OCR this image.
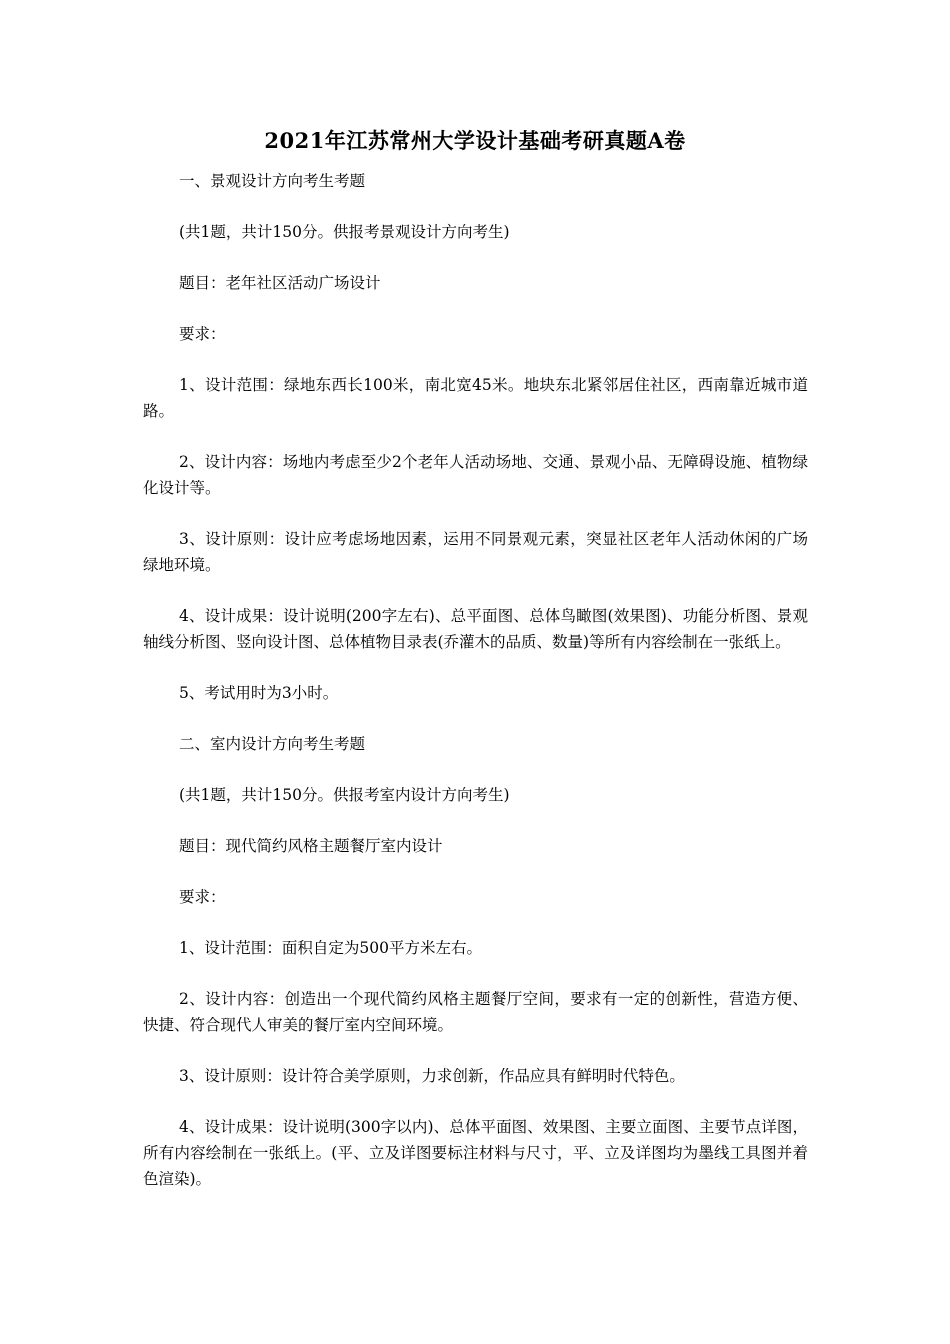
2021年江苏常州大学设计基础考研真题A卷

一、景观设计方向考生考题

(共1题，共计150分。供报考景观设计方向考生)

题目：老年社区活动广场设计

要求：

1、设计范围：绿地东西长100米，南北宽45米。地块东北紧邻居住社区，西南靠近城市道路。

2、设计内容：场地内考虑至少2个老年人活动场地、交通、景观小品、无障碍设施、植物绿化设计等。

3、设计原则：设计应考虑场地因素，运用不同景观元素，突显社区老年人活动休闲的广场绿地环境。

4、设计成果：设计说明(200字左右)、总平面图、总体鸟瞰图(效果图)、功能分析图、景观轴线分析图、竖向设计图、总体植物目录表(乔灌木的品质、数量)等所有内容绘制在一张纸上。

5、考试用时为3小时。

二、室内设计方向考生考题

(共1题，共计150分。供报考室内设计方向考生)

题目：现代简约风格主题餐厅室内设计

要求：

1、设计范围：面积自定为500平方米左右。

2、设计内容：创造出一个现代简约风格主题餐厅空间，要求有一定的创新性，营造方便、快捷、符合现代人审美的餐厅室内空间环境。

3、设计原则：设计符合美学原则，力求创新，作品应具有鲜明时代特色。

4、设计成果：设计说明(300字以内)、总体平面图、效果图、主要立面图、主要节点详图，所有内容绘制在一张纸上。(平、立及详图要标注材料与尺寸，平、立及详图均为墨线工具图并着色渲染)。
